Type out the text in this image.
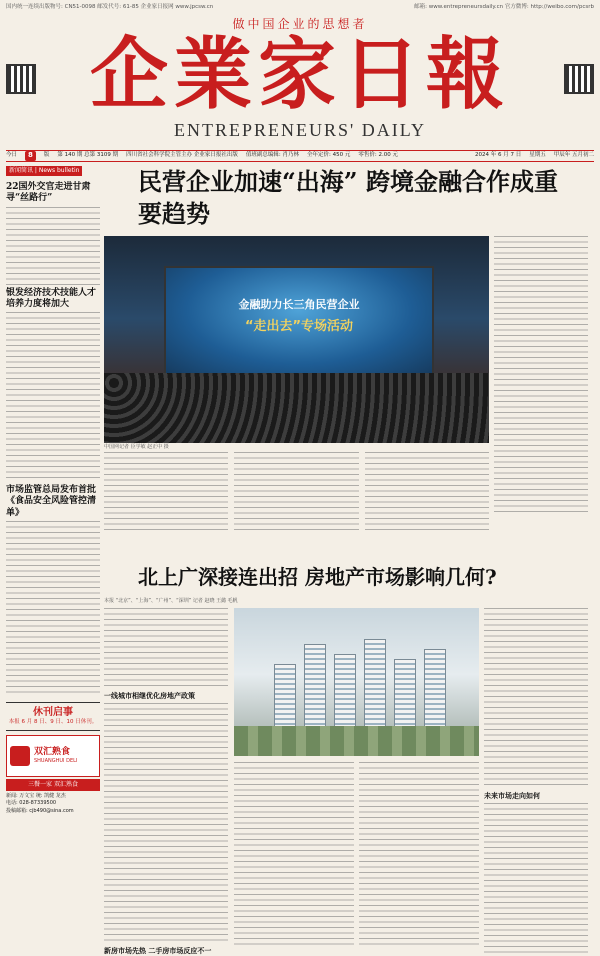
国内统一连续出版物号: CN51-0098 邮发代号: 61-85 企业家日报网 www.jpcsw.cn	邮箱: www.entrepreneursdaily.cn 官方微博: http://weibo.com/pcsrb
做中国企业的思想者
企業家日報
ENTREPRENEURS' DAILY
今日	8	版 第 140 期 总第 3109 期 四川省社会科学院主管主办 企业家日报社出版 值班副总编辑: 肖乃林 全年定价: 450 元 零售价: 2.00 元	2024 年 6 月 7 日 星期五 甲辰年 五月初二
新闻简讯 | News bulletin
22国外交官走进甘肃寻“丝路行”
银发经济技术技能人才培养力度将加大
市场监管总局发布首批《食品安全风险管控清单》
休刊启事
本报 6 月 8 日、9 日、10 日休刊。
双汇熟食
SHUANGHUI DELI
三餐一家 双汇熟食
新闻: 万文宝 统: 凯健 龙杰
电话: 028-87339500
投稿邮箱: cjb490@sina.com
民营企业加速“出海” 跨境金融合作成重要趋势
金融助力长三角民营企业
“走出去”专场活动
中国网记者 臣学敏 赵正中 摄
北上广深接连出招 房地产市场影响几何?
本报 “北京”、“上海”、“广州”、“深圳” 记者 赵晓 王懿 毛帆
一线城市相继优化房地产政策
新房市场先热 二手房市场反应不一
未来市场走向如何
